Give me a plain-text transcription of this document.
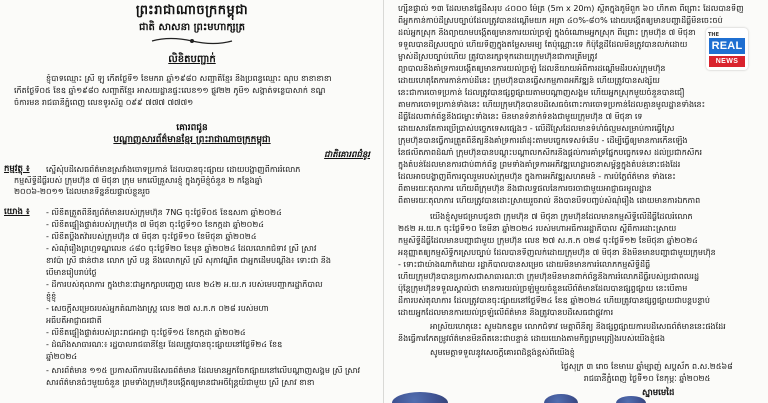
ព្រះរាជាណាចក្រកម្ពុជា
ជាតិ សាសនា ព្រះមហាក្សត្រ
លិខិតបញ្ជាក់
ខ្ញុំបាទឈ្មោះ ស្រី ឡូ កើតថ្ងៃទី១ ខែមករា ឆ្នាំ១៩៨០ សញ្ជាតិខ្មែរ និងប្រពន្ធឈ្មោះ ណុប ខាខាខាខា
កើតថ្ងៃទី០៥ ខែឧ ឆ្នាំ១៩៨០ សញ្ជាតិខ្មែរ អាសយដ្ឋានផ្ទះលេខ១១ ផ្លូវ២២ ភូមិ១ សង្កាត់ទន្លេបាសាក់ ខណ្ឌ
ចំការមន រាជធានីភ្នំពេញ លេខទូរស័ព្ទ ០៩៩ ៧៧៧ ៧៧៧១
គោរពជូន
បណ្ឌាញសារព័ត៌មានខ្មែរ ព្រះរាជាណាចក្រកម្ពុជា
ជាតិគោរពជំនូរ
កម្មវត្ថុ ៖ ស្នើសុំបដិសេធព័ត៌មានស្រវាំងចោទប្រកាន់ ដែលបានចុះផ្សាយ ដោយបង្ហាញពីការរំលោភ
កម្មសិទ្ធិដីធ្លីរបស់ ក្រុមហ៊ុន ៧ មិថុនា ក្រុម មកលើគ្រួសារខ្ញុំ ក្នុងភូមិខ្ញុំចំនួន ២ កន្លែងឆ្នាំ
២០០៦-២០១១ ដែលមានទិន្នន័យផ្ទាល់ខ្លួនរួច
យោង ៖ - លិខិតត្រួតពិនិត្យព័ត៌មានរបស់ក្រុមហ៊ុន 7NG ចុះថ្ងៃទី០៥ ខែឧសភា ឆ្នាំ២០២៤
- លិខិតផ្ទៀងផ្ទាត់របស់ក្រុមហ៊ុន ៧ មិថុនា ចុះថ្ងៃទី១០ ខែកក្កដា ឆ្នាំ២០២៤
- លិខិតប្តឹងតវ៉ារបស់ក្រុមហ៊ុន ៧ មិថុនា ចុះថ្ងៃទី១០ ខែមិថុនា ឆ្នាំ២០២៤
- សំណុំរឿងព្រហ្មទណ្ឌលេខ ៤៨០ ចុះថ្ងៃទី២០ ខែមុន ឆ្នាំ២០២៤ ដែលលោកជំទាវ ស្រី ស្រាវ
ខាវប៉ា ស្រី ផាន់ថាន លោក ស្រី បន្ត និងលោកស្រី ស្រី សុភាវណ្ឌិត ជាអ្នកដើមបណ្តឹង៖ ទោះជា និង
បើមានរៀបរាប់ថ្ងៃ
- ដីការបស់តុលាការ ក្នុងឋានៈជាអ្នកក្សាបញ្ចេញ លេខ ២៤២ អ.យ.ក របស់មេបញ្ជាករដ្ឋាភិបាល
ខ្ញុំខ្ញុំ
- សេចក្តីសម្រេចរបស់អ្នកតំណាងរាស្ត្រ លេខ ២៧ ស.ភ.ក ០២៨ របស់មហា
អធិបតីអាជ្ញាធរជាតិ
- លិខិតផ្ទៀងផ្ទាត់របស់ព្រះរាជអាជ្ញា ចុះថ្ងៃទី១៥ ខែកក្កដា ឆ្នាំ២០២៤
- ដំណឹងសាធារណៈ៖ រដ្ឋបាលរាជធានីខ្មែរ ដែលត្រូវបានចុះផ្សាយនៅថ្ងៃទី២៤ ខែឧ
ឆ្នាំ២០២៤
- សារព័ត៌មាន ១១៥ ប្រកាសពីការបដិសេធព័ត៌មាន ដែលមានអ្នកចែកផ្សាយនៅលើបណ្តាញសង្គម ស្រី ស្រាវ
សារព័ត៌មានធំៗមួយចំនួន ព្រមទាំងក្រុមហ៊ុនបង្កើតឲ្យមានជាអចិន្ត្រៃយ៍ជាមួយ ស្រី ស្រាវ ខាខា
ហ្ស៊ីនផ្ទាល់ ១៣ ដែលមានផ្ទៃដីសរុប ៤០០០ ម៉ែត្រ (5m x 20m) ស្ថិតក្នុងភូមិពួក ៦០ ហិកតា ពីព្រោះ ដែលបានទិញ
ពីអ្នកកាន់កាប់ដីស្របច្បាប់ដែលត្រូវបានដណ្តើមយក អត្រា ៤០%-៨០% ដោយបង្កើតឲ្យមានបញ្ហាដីធ្លីមិនចេះចប់
ដល់អ្នកស្រុក និងព្យាយាមបង្កើតឲ្យមានការយល់ច្រឡំ ក្នុងចំណោមអ្នកស្រុក ពីព្រោះ ក្រុមហ៊ុន ៧ មិថុនា
ទទួលបានដីស្របច្បាប់ ហើយទិញក្នុងតម្លៃសមរម្យ តែប៉ុណ្ណោះទេ ក៏ប៉ុន្តែដីដែលមិនត្រូវបានលក់ដោយ
ម្ចាស់ដីស្របច្បាប់ហើយ ត្រូវបានរក្សាទុកដោយក្រុមហ៊ុនជាការត្រឹមត្រូវ
ព្យាបាលនិងគាំទ្រការបង្កើតឲ្យមានការយល់ច្រឡំ ដែលនិយាយអំពីការដណ្តើមដីរបស់ក្រុមហ៊ុន
ដោយហេតុតែការកាន់កាប់ដីនេះ ក្រុមហ៊ុនបានធ្វើសកម្មភាពអភិវឌ្ឍន៍ ហើយត្រូវបានសង្ស័យ
នេះជាការចោទប្រកាន់ ដែលត្រូវបានផ្សព្វផ្សាយតាមបណ្តាញសង្គម ហើយអ្នកស្រុកមួយចំនួនបានជឿ
តាមការចោទប្រកាន់ទាំងនេះ ហើយក្រុមហ៊ុនបានបដិសេធចំពោះការចោទប្រកាន់ដែលគ្មានមូលដ្ឋានទាំងនេះ
ដីធ្លីដែលពាក់ព័ន្ធនឹងជម្លោះទាំងនេះ មិនមានទំនាក់ទំនងជាមួយក្រុមហ៊ុន ៧ មិថុនា ទេ
ដោយសារតែការប្រើប្រាស់បច្ចេកទេសផ្សេងៗ - លើដីស្រែដែលមានទំហំធំល្មមសម្រាប់ការធ្វើស្រែ
ក្រុមហ៊ុនបានធ្វើការត្រួតពិនិត្យនិងគាំទ្រការដាំដុះតាមបច្ចេកទេសទំនើប - ដើម្បីធ្វើឲ្យមានការកើនឡើង
នៃផលិតភាពដំណាំ ក្រុមហ៊ុនបានបណ្តុះបណ្តាលកសិករនិងផ្តល់ការគាំទ្រផ្នែកបច្ចេកទេស ដល់ប្រជាកសិករ
ក្នុងតំបន់ដែលមានការជាប់ពាក់ព័ន្ធ ព្រមទាំងគាំទ្រការអភិវឌ្ឍហេដ្ឋារចនាសម្ព័ន្ធក្នុងតំបន់នោះផងដែរ
ដែលអាចបង្ហាញពីការចូលរួមរបស់ក្រុមហ៊ុន ក្នុងការអភិវឌ្ឍសហគមន៍ - ការបំភ្លៃព័ត៌មាន ទាំងនេះ
ពីតាមរយៈតុលាការ ហើយពីក្រុមហ៊ុន និងជាលទ្ធផលនៃការចរចាជាមួយអាជ្ញាធរមូលដ្ឋាន
ពីតាមរយៈតុលាការ ហើយត្រូវបានដោះស្រាយរួចរាល់ និងបានបិទបញ្ចប់សំណុំរឿង ដោយមានការឯកភាព
យើងខ្ញុំសូមជម្រាបជូនថា ក្រុមហ៊ុន ៧ មិថុនា ក្រុមហ៊ុនដែលមានកម្មសិទ្ធិលើដីធ្លីដែលរំលោភ
២៥២ អ.យ.ក ចុះថ្ងៃទី១០ ខែមីនា ឆ្នាំ២០២៤ របស់មហាអធិការរដ្ឋាភិបាល ស្តីពីការដោះស្រាយ
កម្មសិទ្ធិដីធ្លីដែលមានបញ្ហាជាមួយ ក្រុមហ៊ុន លេខ ២៧ ស.ភ.ក ០២៨ ចុះថ្ងៃទី១២ ខែមិថុនា ឆ្នាំ២០២៤
អនុញ្ញាតឲ្យកម្មសិទ្ធិករស្របច្បាប់ ដែលបានទិញលក់ដោយក្រុមហ៊ុន ៧ មិថុនា និងមិនមានបញ្ហាជាមួយក្រុមហ៊ុន
- ទោះជាយ៉ាងណាក៏ដោយ រដ្ឋាភិបាលបានសម្រេច ដោយមិនមានការរំលោភកម្មសិទ្ធិដីធ្លី
ហើយក្រុមហ៊ុនបានប្រកាសជាសាធារណៈថា ក្រុមហ៊ុនមិនមានពាក់ព័ន្ធនឹងការរំលោភដីធ្លីរបស់ប្រជាពលរដ្ឋ
ប៉ុន្តែក្រុមហ៊ុនទទួលស្គាល់ថា មានការយល់ច្រឡំមួយចំនួនលើព័ត៌មានដែលបានផ្សព្វផ្សាយ នេះបើតាម
ដីការបស់តុលាការ ដែលត្រូវបានចុះផ្សាយនៅថ្ងៃទី២៤ ខែឧ ឆ្នាំ២០២៤ ហើយត្រូវបានផ្សព្វផ្សាយជាបន្តបន្ទាប់
ដោយអ្នកដែលមានការយល់ច្រឡំលើព័ត៌មាន និងត្រូវបានបដិសេធជាផ្លូវការ
អាស្រ័យហេតុនេះ សូមឯកឧត្តម លោកជំទាវ មេត្តាពិនិត្យ និងផ្សព្វផ្សាយការបដិសេធព័ត៌មាននេះផងដែរ
និងធ្វើការកែតម្រូវព័ត៌មានមិនពិតនេះជាបន្ទាន់ ដោយយោងតាមកិច្ចព្រមព្រៀងរបស់យើងខ្ញុំផង
សូមមេត្តាទទួលនូវសេចក្តីគោរពដ៏ខ្ពង់ខ្ពស់ពីយើងខ្ញុំ
ថ្ងៃសុក្រ ៣ រោច ខែមាឃ ឆ្នាំម្សាញ់ សប្តស័ក ព.ស.២៥៦៨
រាជធានីភ្នំពេញ ថ្ងៃទី១០ ខែកុម្ភៈ ឆ្នាំ២០២៥
ស្នាមមេដៃ
THE
REAL
NEWS
